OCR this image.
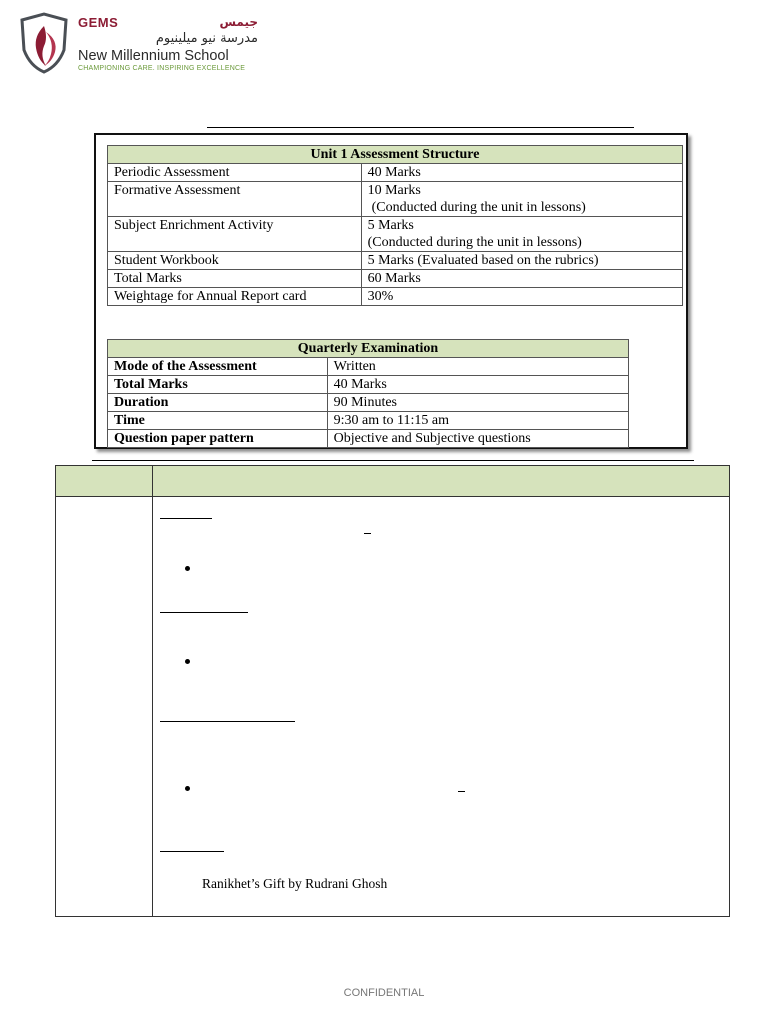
GEMS	جيمس
مدرسة نيو ميلينيوم
New Millennium School
CHAMPIONING CARE. INSPIRING EXCELLENCE
Unit 1 Assessment Structure	
Periodic Assessment	40 Marks
Formative Assessment	10 Marks
(Conducted during the unit in lessons)

Subject Enrichment Activity	5 Marks
(Conducted during the unit in lessons)

Student Workbook	5 Marks (Evaluated based on the rubrics)
Total Marks	60 Marks
Weightage for Annual Report card	30%
Quarterly Examination	
Mode of the Assessment	Written
Total Marks	40 Marks
Duration	90 Minutes
Time	9:30 am to 11:15 am
Question paper pattern	Objective and Subjective questions
Ranikhet’s Gift by Rudrani Ghosh
CONFIDENTIAL
